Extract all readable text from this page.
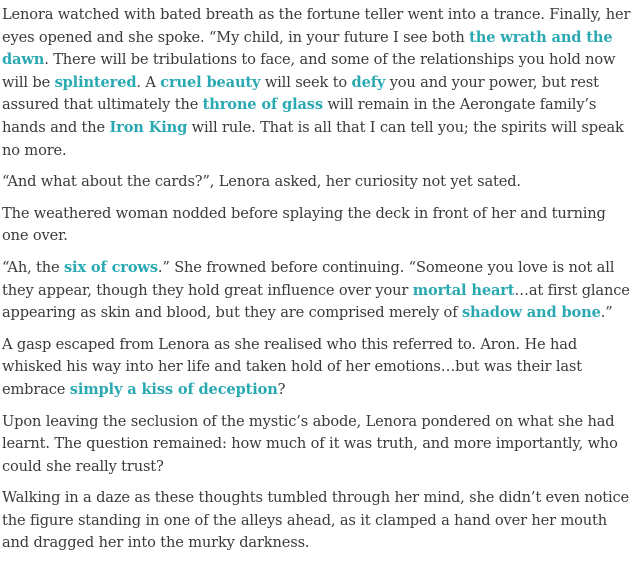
Lenora watched with bated breath as the fortune teller went into a trance. Finally, her eyes opened and she spoke. “My child, in your future I see both the wrath and the dawn. There will be tribulations to face, and some of the relationships you hold now will be splintered. A cruel beauty will seek to defy you and your power, but rest assured that ultimately the throne of glass will remain in the Aerongate family’s hands and the Iron King will rule. That is all that I can tell you; the spirits will speak no more.

“And what about the cards?”, Lenora asked, her curiosity not yet sated.

The weathered woman nodded before splaying the deck in front of her and turning one over.

“Ah, the six of crows.” She frowned before continuing. “Someone you love is not all they appear, though they hold great influence over your mortal heart…at first glance appearing as skin and blood, but they are comprised merely of shadow and bone.”

A gasp escaped from Lenora as she realised who this referred to. Aron. He had whisked his way into her life and taken hold of her emotions…but was their last embrace simply a kiss of deception?

Upon leaving the seclusion of the mystic’s abode, Lenora pondered on what she had learnt. The question remained: how much of it was truth, and more importantly, who could she really trust?

Walking in a daze as these thoughts tumbled through her mind, she didn’t even notice the figure standing in one of the alleys ahead, as it clamped a hand over her mouth and dragged her into the murky darkness.
